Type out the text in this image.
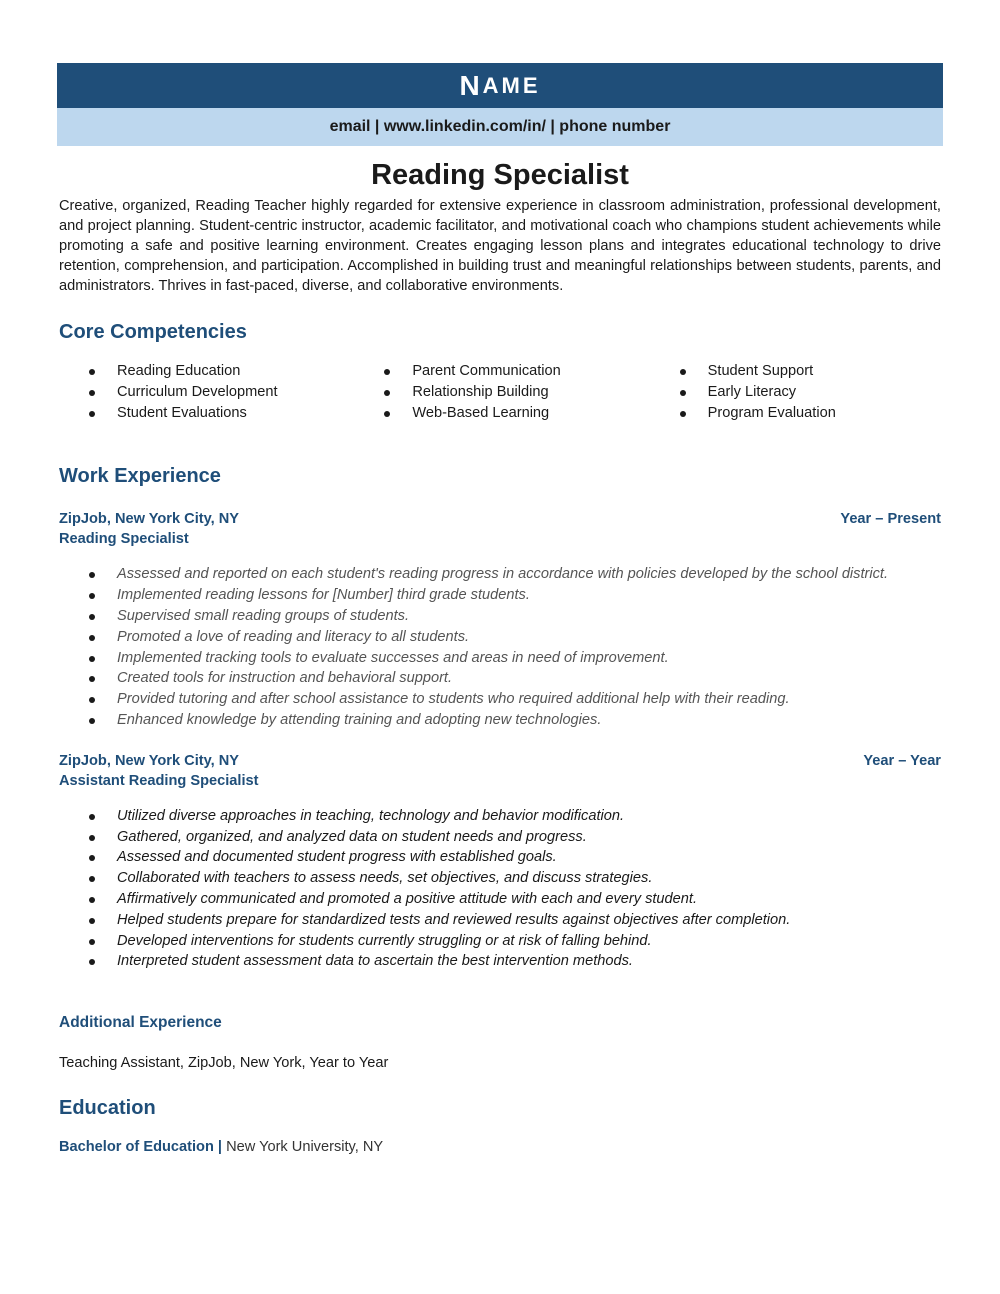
N AME
email | www.linkedin.com/in/ | phone number
Reading Specialist
Creative, organized, Reading Teacher highly regarded for extensive experience in classroom administration, professional development, and project planning. Student-centric instructor, academic facilitator, and motivational coach who champions student achievements while promoting a safe and positive learning environment. Creates engaging lesson plans and integrates educational technology to drive retention, comprehension, and participation. Accomplished in building trust and meaningful relationships between students, parents, and administrators. Thrives in fast-paced, diverse, and collaborative environments.
Core Competencies
Reading Education
Curriculum Development
Student Evaluations
Parent Communication
Relationship Building
Web-Based Learning
Student Support
Early Literacy
Program Evaluation
Work Experience
ZipJob, New York City, NY	Year – Present
Reading Specialist
Assessed and reported on each student's reading progress in accordance with policies developed by the school district.
Implemented reading lessons for [Number] third grade students.
Supervised small reading groups of students.
Promoted a love of reading and literacy to all students.
Implemented tracking tools to evaluate successes and areas in need of improvement.
Created tools for instruction and behavioral support.
Provided tutoring and after school assistance to students who required additional help with their reading.
Enhanced knowledge by attending training and adopting new technologies.
ZipJob, New York City, NY	Year – Year
Assistant Reading Specialist
Utilized diverse approaches in teaching, technology and behavior modification.
Gathered, organized, and analyzed data on student needs and progress.
Assessed and documented student progress with established goals.
Collaborated with teachers to assess needs, set objectives, and discuss strategies.
Affirmatively communicated and promoted a positive attitude with each and every student.
Helped students prepare for standardized tests and reviewed results against objectives after completion.
Developed interventions for students currently struggling or at risk of falling behind.
Interpreted student assessment data to ascertain the best intervention methods.
Additional Experience
Teaching Assistant, ZipJob, New York, Year to Year
Education
Bachelor of Education | New York University, NY
